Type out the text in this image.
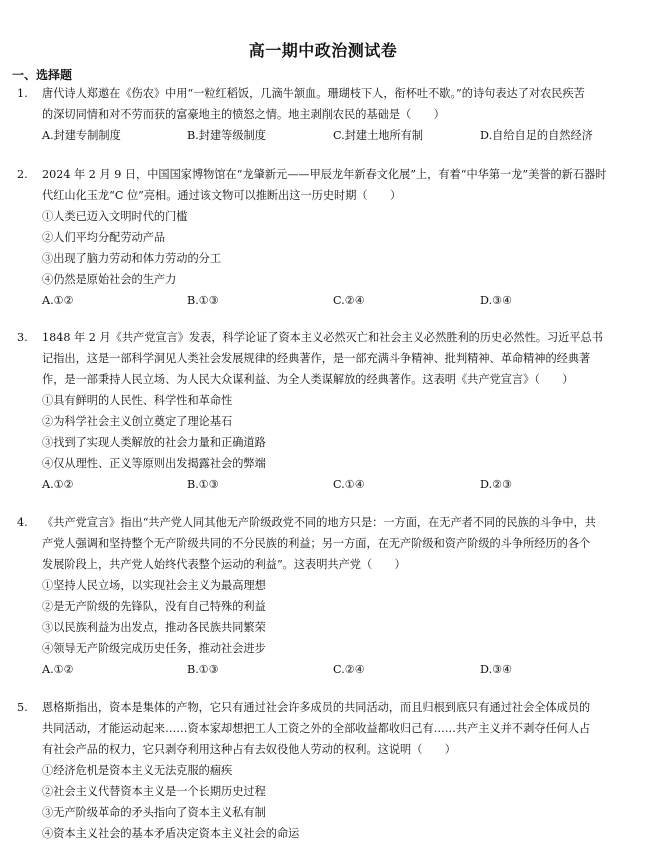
高一期中政治测试卷
一、选择题
1. 唐代诗人郑遨在《伤农》中用“一粒红稻饭，几滴牛颔血。珊瑚枝下人，衔杯吐不歇。”的诗句表达了对农民疾苦
的深切同情和对不劳而获的富豪地主的愤怒之情。地主剥削农民的基础是（　　）
A.封建专制制度	B.封建等级制度	C.封建土地所有制	D.自给自足的自然经济
2. 2024 年 2 月 9 日，中国国家博物馆在“龙肇新元——甲辰龙年新春文化展”上，有着“中华第一龙”美誉的新石器时
代红山化玉龙“C 位”亮相。通过该文物可以推断出这一历史时期（　　）
①人类已迈入文明时代的门槛
②人们平均分配劳动产品
③出现了脑力劳动和体力劳动的分工
④仍然是原始社会的生产力
A.①②	B.①③	C.②④	D.③④
3. 1848 年 2 月《共产党宣言》发表，科学论证了资本主义必然灭亡和社会主义必然胜利的历史必然性。习近平总书
记指出，这是一部科学洞见人类社会发展规律的经典著作，是一部充满斗争精神、批判精神、革命精神的经典著
作，是一部秉持人民立场、为人民大众谋利益、为全人类谋解放的经典著作。这表明《共产党宣言》（　　）
①具有鲜明的人民性、科学性和革命性
②为科学社会主义创立奠定了理论基石
③找到了实现人类解放的社会力量和正确道路
④仅从理性、正义等原则出发揭露社会的弊端
A.①②	B.①③	C.①④	D.②③
4. 《共产党宣言》指出“共产党人同其他无产阶级政党不同的地方只是：一方面，在无产者不同的民族的斗争中，共
产党人强调和坚持整个无产阶级共同的不分民族的利益；另一方面，在无产阶级和资产阶级的斗争所经历的各个
发展阶段上，共产党人始终代表整个运动的利益”。这表明共产党（　　）
①坚持人民立场，以实现社会主义为最高理想
②是无产阶级的先锋队，没有自己特殊的利益
③以民族利益为出发点，推动各民族共同繁荣
④领导无产阶级完成历史任务，推动社会进步
A.①②	B.①③	C.②④	D.③④
5. 恩格斯指出，资本是集体的产物，它只有通过社会许多成员的共同活动，而且归根到底只有通过社会全体成员的
共同活动，才能运动起来……资本家却想把工人工资之外的全部收益都收归己有……共产主义并不剥夺任何人占
有社会产品的权力，它只剥夺利用这种占有去奴役他人劳动的权利。这说明（　　）
①经济危机是资本主义无法克服的痼疾
②社会主义代替资本主义是一个长期历史过程
③无产阶级革命的矛头指向了资本主义私有制
④资本主义社会的基本矛盾决定资本主义社会的命运
